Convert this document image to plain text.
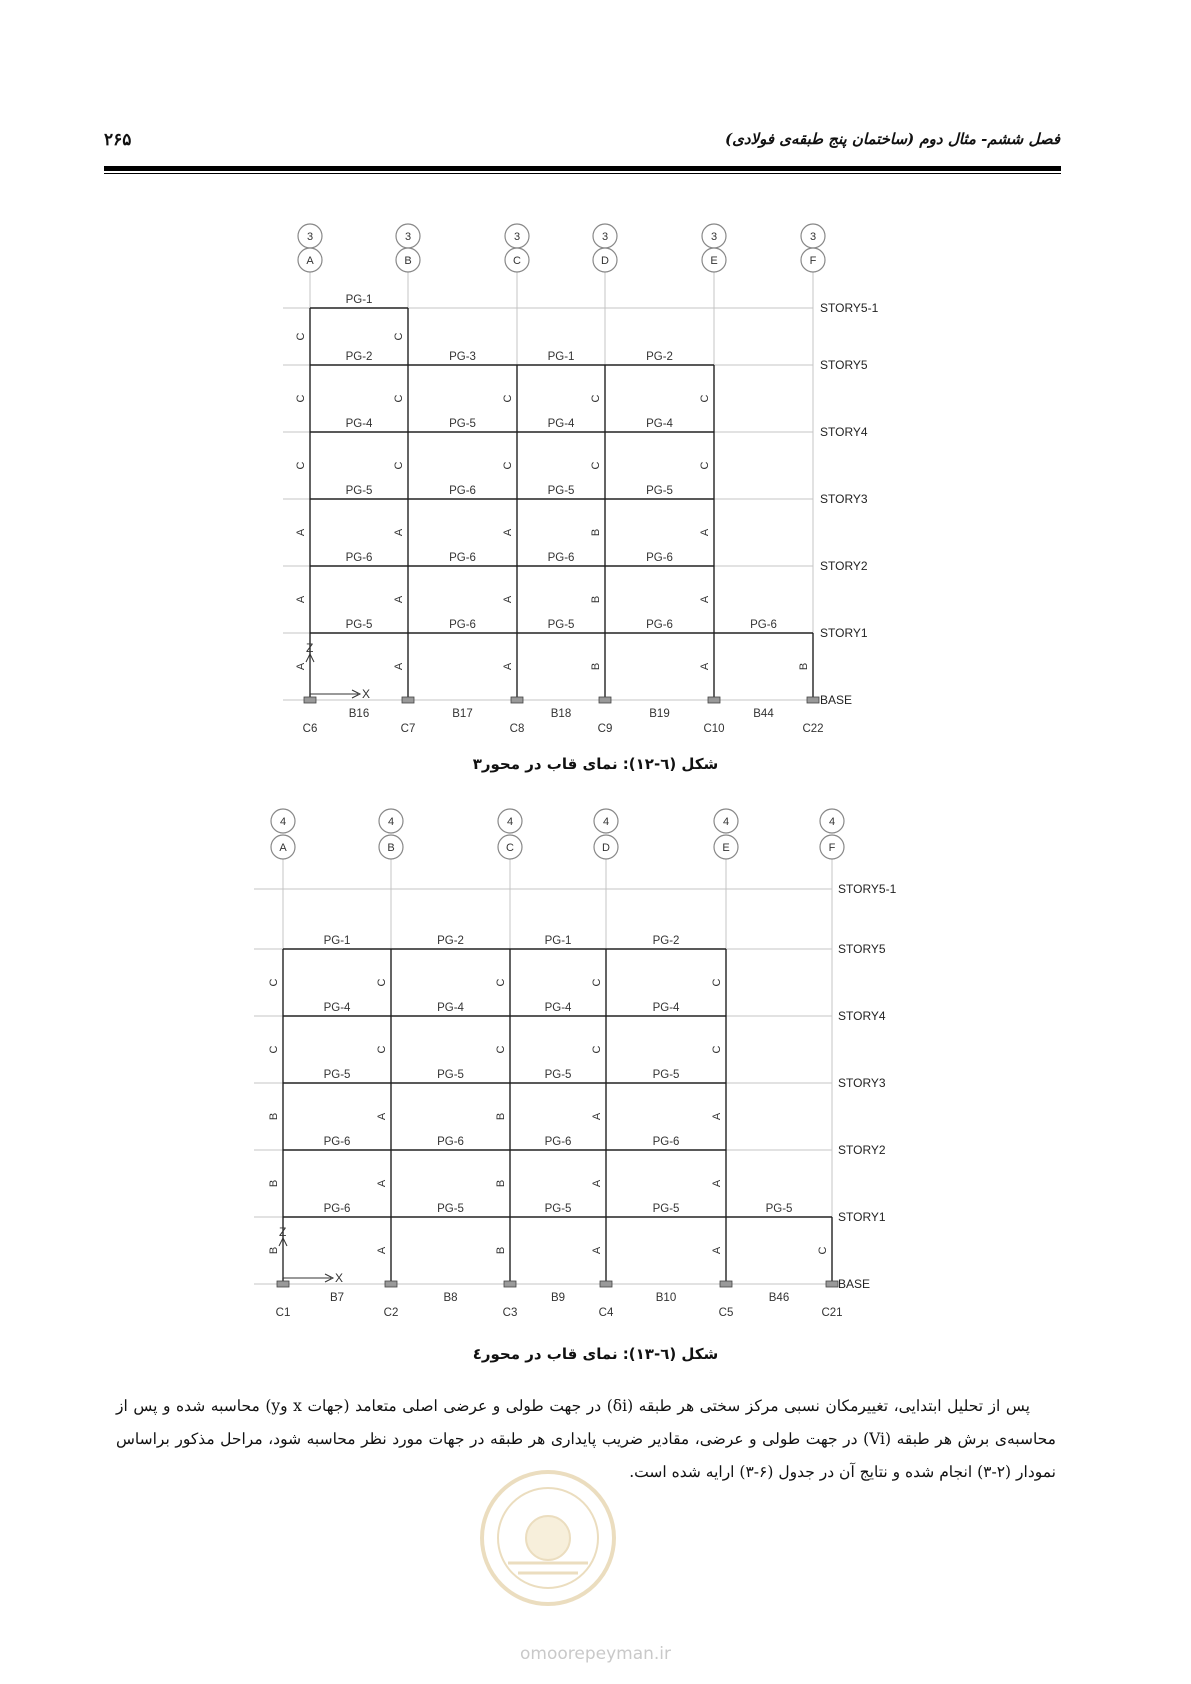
فصل ششم- مثال دوم (ساختمان پنج طبقه‌ی فولادی)
۲۶۵
3
A
3
B
3
C
3
D
3
E
3
F
STORY5-1
STORY5
STORY4
STORY3
STORY2
STORY1
BASE
PG-1
PG-2	PG-3	PG-1	PG-2
PG-4	PG-5	PG-4	PG-4
PG-5	PG-6	PG-5	PG-5
PG-6	PG-6	PG-6	PG-6
PG-5	PG-6	PG-5	PG-6	PG-6
C	C
C	C	C	C	C
C	C	C	C	C
A	A	A	B	A
A	A	A	B	A
A	A	A	B	A	B
B16	B17	B18	B19	B44
C6	C7	C8	C9	C10	C22
Z
X
شکل (٦-١٢): نمای قاب در محور٣
4
A
4
B
4
C
4
D
4
E
4
F
STORY5-1
STORY5
STORY4
STORY3
STORY2
STORY1
BASE
PG-1	PG-2	PG-1	PG-2
PG-4	PG-4	PG-4	PG-4
PG-5	PG-5	PG-5	PG-5
PG-6	PG-6	PG-6	PG-6
PG-6	PG-5	PG-5	PG-5	PG-5
C	C	C	C	C
C	C	C	C	C
B	A	B	A	A
B	A	B	A	A
B	A	B	A	A	C
B7	B8	B9	B10	B46
C1	C2	C3	C4	C5	C21
Z
X
شکل (٦-١٣): نمای قاب در محور٤

پس از تحلیل ابتدایی، تغییرمکان نسبی مرکز سختی هر طبقه (δi) در جهت طولی و عرضی اصلی متعامد (جهات x وy) محاسبه شده و پس از محاسبه‌ی برش هر طبقه (Vi) در جهت طولی و عرضی، مقادیر ضریب پایداری هر طبقه در جهات مورد نظر محاسبه شود، مراحل مذکور براساس نمودار (۲-۳) انجام شده و نتایج آن در جدول (۶-۳) ارایه شده است.

omoorepeyman.ir
